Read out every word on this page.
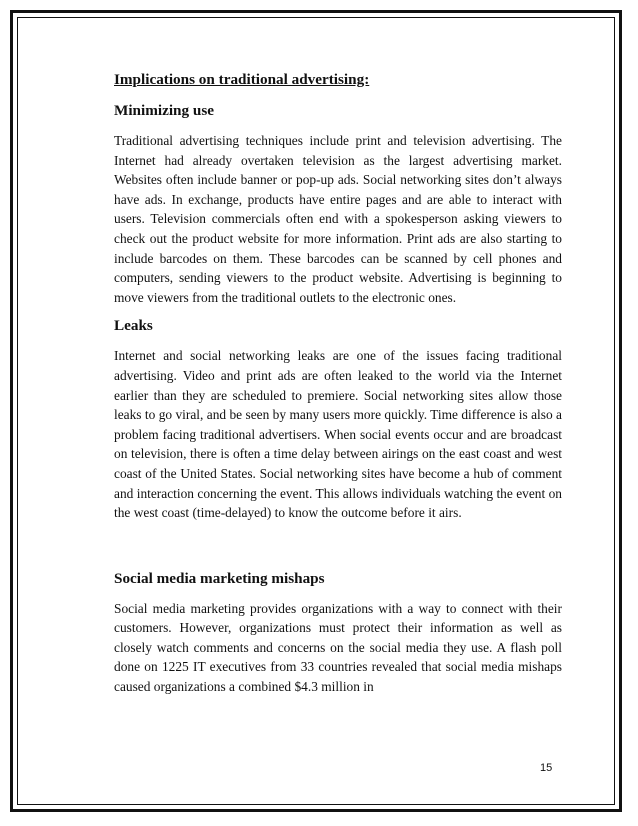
Implications on traditional advertising:
Minimizing use

Traditional advertising techniques include print and television advertising. The Internet had already overtaken television as the largest advertising market. Websites often include banner or pop-up ads. Social networking sites don’t always have ads. In exchange, products have entire pages and are able to interact with users. Television commercials often end with a spokesperson asking viewers to check out the product website for more information. Print ads are also starting to include barcodes on them. These barcodes can be scanned by cell phones and computers, sending viewers to the product website. Advertising is beginning to move viewers from the traditional outlets to the electronic ones.

Leaks

Internet and social networking leaks are one of the issues facing traditional advertising. Video and print ads are often leaked to the world via the Internet earlier than they are scheduled to premiere. Social networking sites allow those leaks to go viral, and be seen by many users more quickly. Time difference is also a problem facing traditional advertisers. When social events occur and are broadcast on television, there is often a time delay between airings on the east coast and west coast of the United States. Social networking sites have become a hub of comment and interaction concerning the event. This allows individuals watching the event on the west coast (time-delayed) to know the outcome before it airs.

Social media marketing mishaps

Social media marketing provides organizations with a way to connect with their customers. However, organizations must protect their information as well as closely watch comments and concerns on the social media they use. A flash poll done on 1225 IT executives from 33 countries revealed that social media mishaps caused organizations a combined $4.3 million in

15
